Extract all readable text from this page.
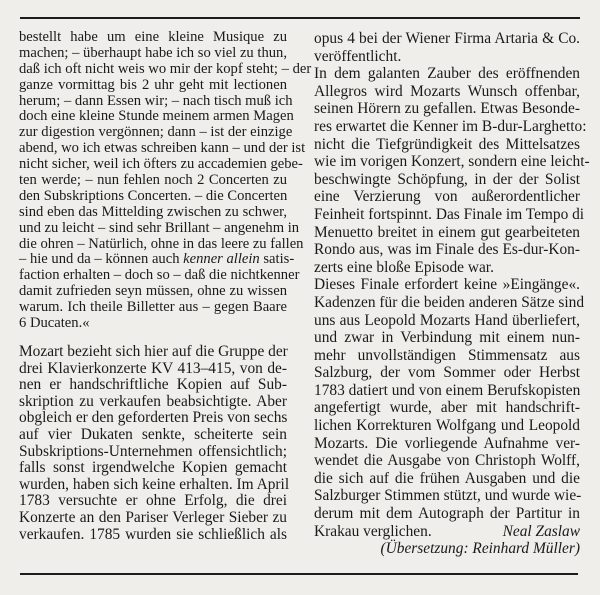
bestellt habe um eine kleine Musique zu
machen; – überhaupt habe ich so viel zu thun,
daß ich oft nicht weis wo mir der kopf steht; – der
ganze vormittag bis 2 uhr geht mit lectionen
herum; – dann Essen wir; – nach tisch muß ich
doch eine kleine Stunde meinem armen Magen
zur digestion vergönnen; dann – ist der einzige
abend, wo ich etwas schreiben kann – und der ist
nicht sicher, weil ich öfters zu accademien gebe-
ten werde; – nun fehlen noch 2 Concerten zu
den Subskriptions Concerten. – die Concerten
sind eben das Mittelding zwischen zu schwer,
und zu leicht – sind sehr Brillant – angenehm in
die ohren – Natürlich, ohne in das leere zu fallen
– hie und da – können auch kenner allein satis-
faction erhalten – doch so – daß die nichtkenner
damit zufrieden seyn müssen, ohne zu wissen
warum. Ich theile Billetter aus – gegen Baare
6 Ducaten.«
Mozart bezieht sich hier auf die Gruppe der
drei Klavierkonzerte KV 413–415, von de-
nen er handschriftliche Kopien auf Sub-
skription zu verkaufen beabsichtigte. Aber
obgleich er den geforderten Preis von sechs
auf vier Dukaten senkte, scheiterte sein
Subskriptions-Unternehmen offensichtlich;
falls sonst irgendwelche Kopien gemacht
wurden, haben sich keine erhalten. Im April
1783 versuchte er ohne Erfolg, die drei
Konzerte an den Pariser Verleger Sieber zu
verkaufen. 1785 wurden sie schließlich als
opus 4 bei der Wiener Firma Artaria & Co.
veröffentlicht.
In dem galanten Zauber des eröffnenden
Allegros wird Mozarts Wunsch offenbar,
seinen Hörern zu gefallen. Etwas Besonde-
res erwartet die Kenner im B-dur-Larghetto:
nicht die Tiefgründigkeit des Mittelsatzes
wie im vorigen Konzert, sondern eine leicht-
beschwingte Schöpfung, in der der Solist
eine Verzierung von außerordentlicher
Feinheit fortspinnt. Das Finale im Tempo di
Menuetto breitet in einem gut gearbeiteten
Rondo aus, was im Finale des Es-dur-Kon-
zerts eine bloße Episode war.
Dieses Finale erfordert keine »Eingänge«.
Kadenzen für die beiden anderen Sätze sind
uns aus Leopold Mozarts Hand überliefert,
und zwar in Verbindung mit einem nun-
mehr unvollständigen Stimmensatz aus
Salzburg, der vom Sommer oder Herbst
1783 datiert und von einem Berufskopisten
angefertigt wurde, aber mit handschrift-
lichen Korrekturen Wolfgang und Leopold
Mozarts. Die vorliegende Aufnahme ver-
wendet die Ausgabe von Christoph Wolff,
die sich auf die frühen Ausgaben und die
Salzburger Stimmen stützt, und wurde wie-
derum mit dem Autograph der Partitur in
Krakau verglichen.	Neal Zaslaw
(Übersetzung: Reinhard Müller)
